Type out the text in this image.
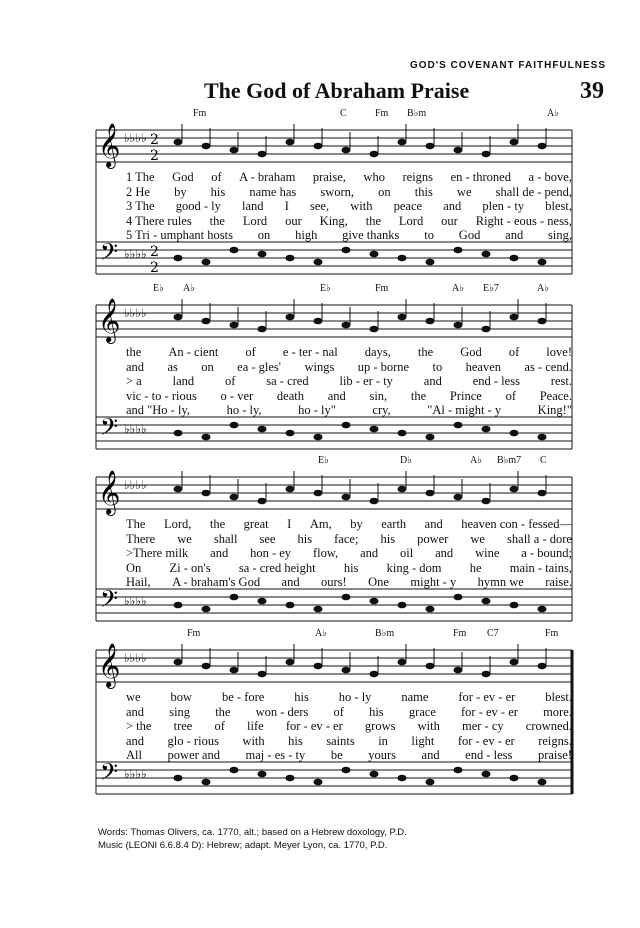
GOD'S COVENANT FAITHFULNESS
The God of Abraham Praise	39
Fm	C	Fm B♭m	A♭
𝄞
𝄢
♭♭♭♭
♭♭♭♭
2
2
2
2
1 The God of A - braham praise, who reigns en - throned a - bove,
2 He by his name has sworn, on this we shall de - pend,
3 The good - ly land I see, with peace and plen - ty blest,
4 There rules the Lord our King, the Lord our Right - eous - ness,
5 Tri - umphant hosts on high give thanks to God and sing,
E♭ A♭	E♭	Fm	A♭ E♭7	A♭
𝄞
𝄢
♭♭♭♭
♭♭♭♭
the An - cient of e - ter - nal days, the God of love!
and as on ea - gles' wings up - borne to heaven as - cend.
> a land of sa - cred lib - er - ty and end - less rest.
vic - to - rious o - ver death and sin, the Prince of Peace.
and "Ho - ly,	ho - ly,	ho - ly"	cry,	"Al - might - y	King!"
E♭	D♭	A♭ B♭m7 C
𝄞
𝄢
♭♭♭♭
♭♭♭♭
The Lord, the great I Am, by earth and heaven con - fessed—
There we shall see his face; his power we shall a - dore
>There milk and hon - ey flow, and oil and wine a - bound;
On Zi - on's sa - cred height his king - dom he main - tains,
Hail, A - braham's God and ours! One might - y hymn we raise.
Fm	A♭	B♭m	Fm C7	Fm
𝄞
𝄢
♭♭♭♭
♭♭♭♭
we bow be - fore his ho - ly name for - ev - er blest.
and sing the won - ders of his grace for - ev - er more.
> the tree of life for - ev - er grows with mer - cy crowned.
and glo - rious with his saints in light for - ev - er reigns.
All power and maj - es - ty be yours and end - less praise!
Words: Thomas Olivers, ca. 1770, alt.; based on a Hebrew doxology, P.D.
Music (LEONI 6.6.8.4 D): Hebrew; adapt. Meyer Lyon, ca. 1770, P.D.
